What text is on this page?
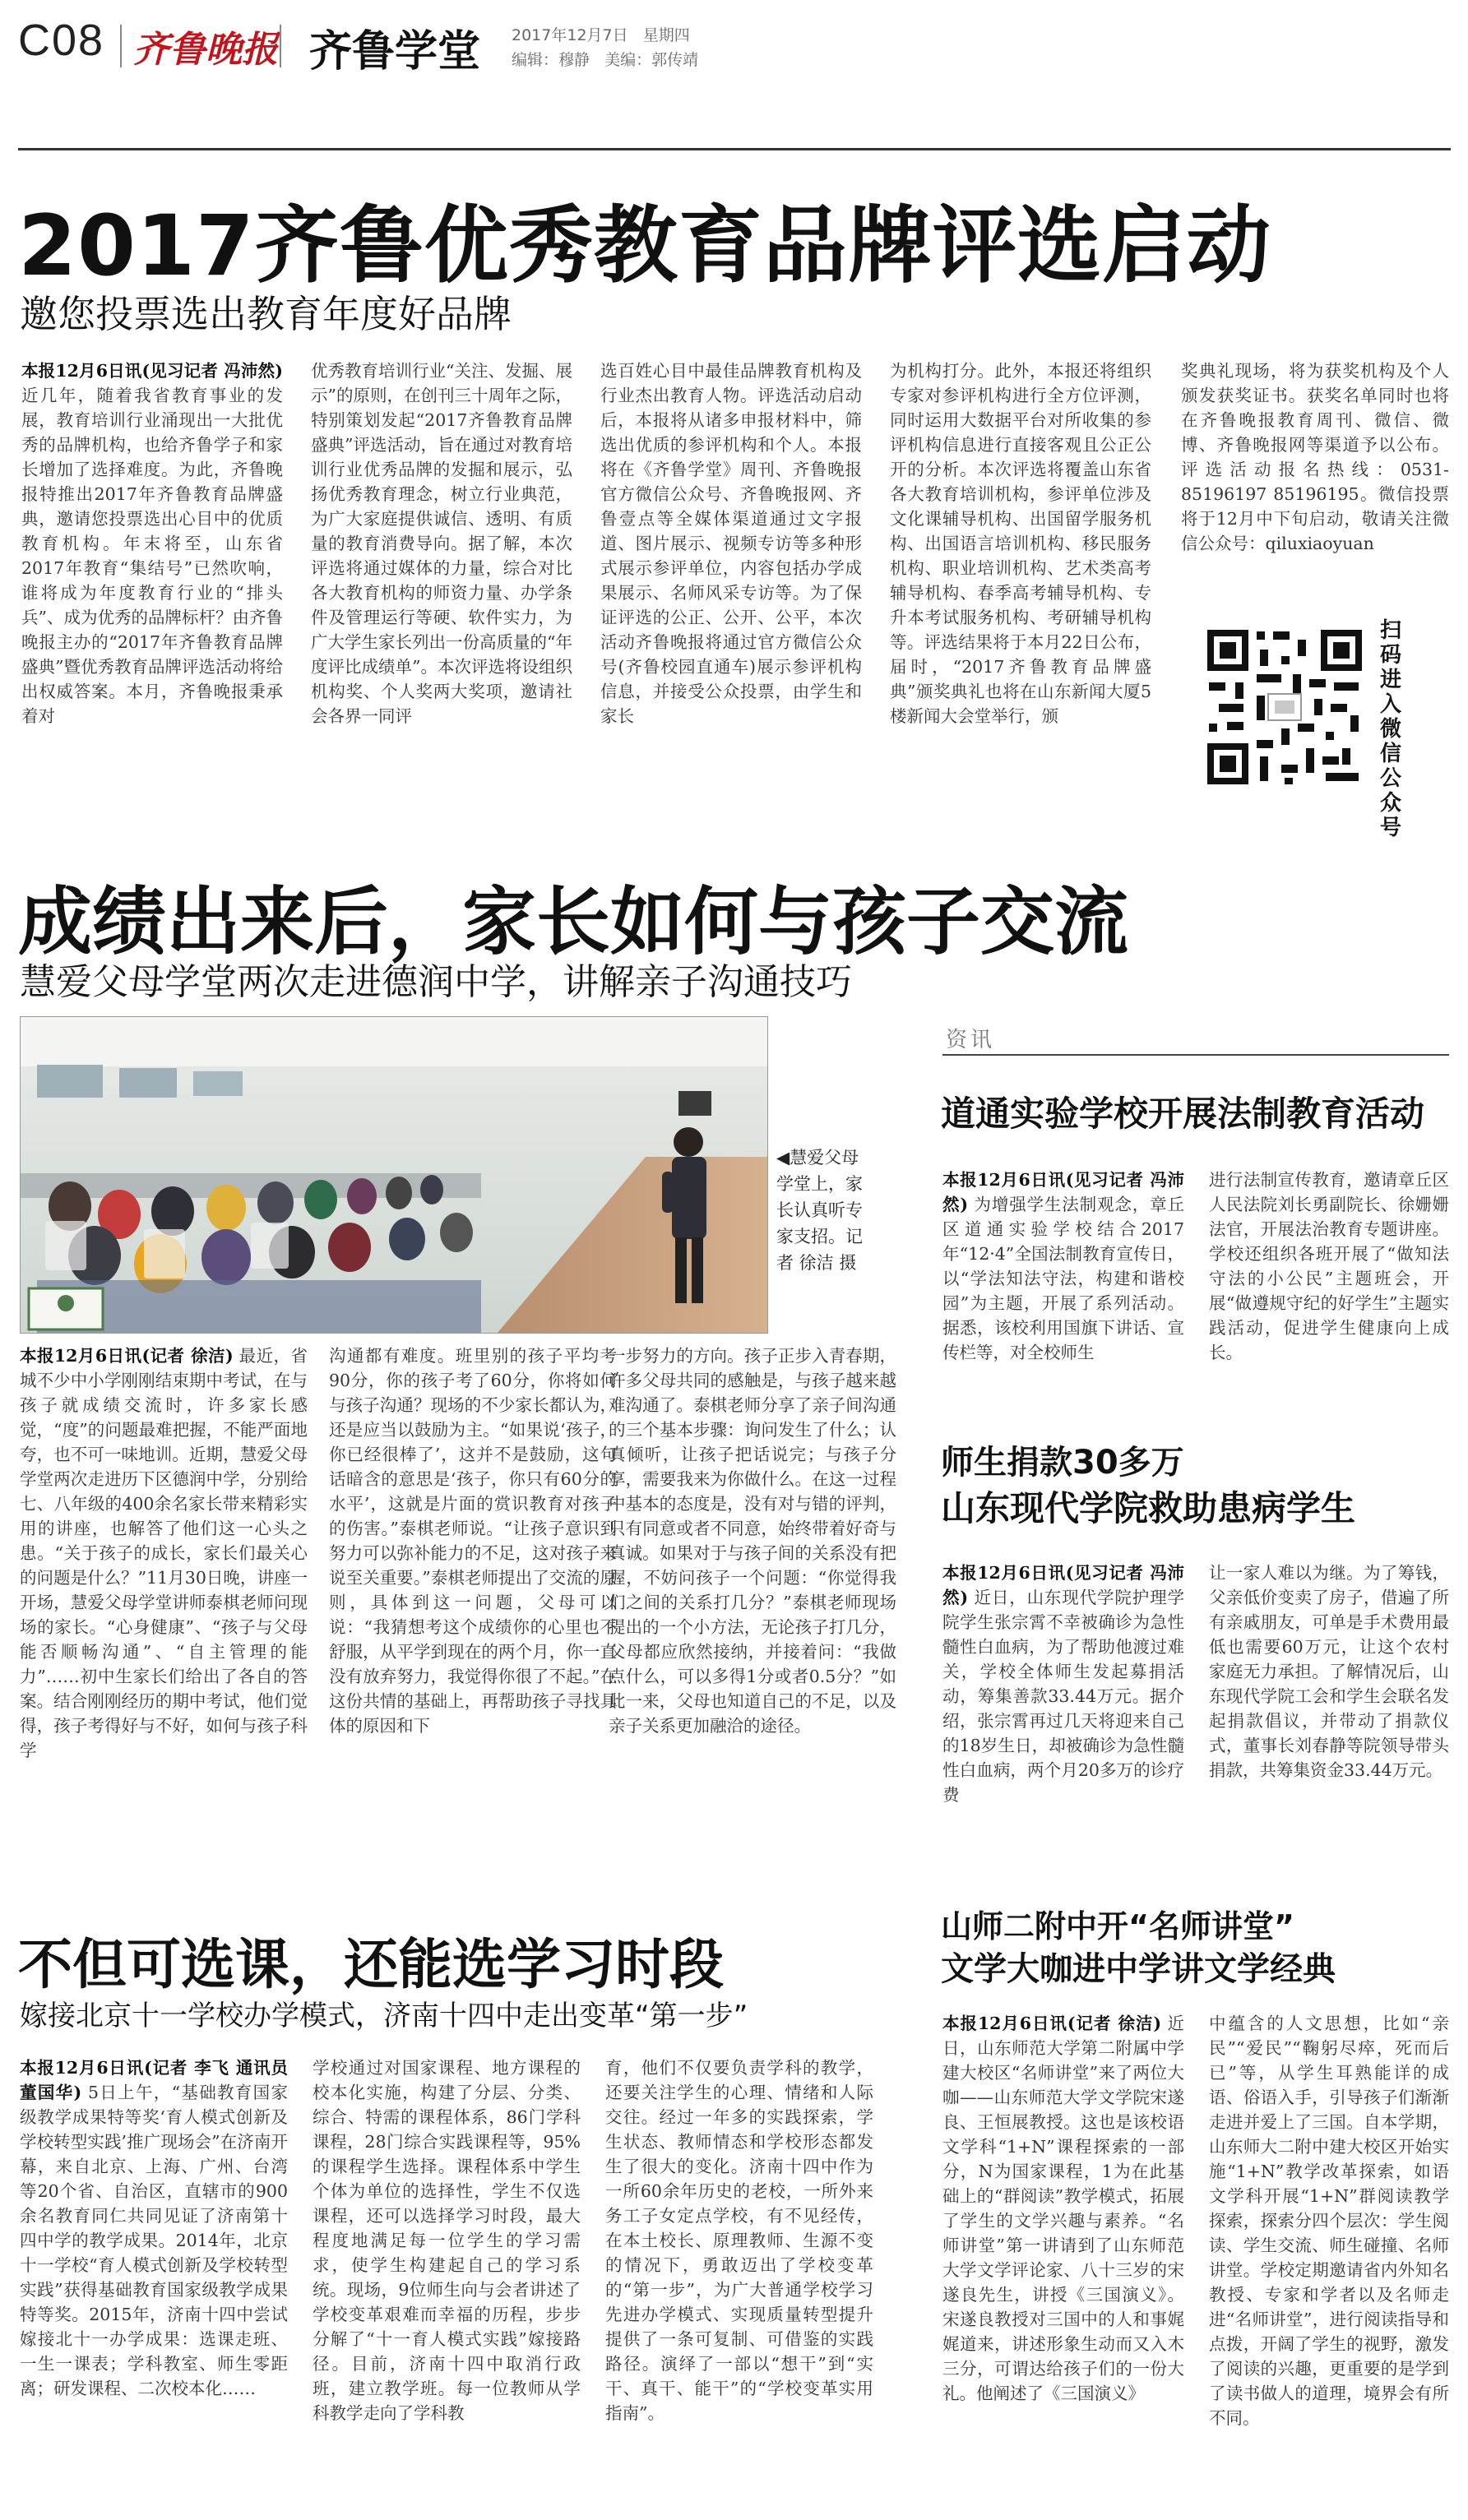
C08 齐鲁晚报 齐鲁学堂 2017年12月7日 星期四
编辑：穆静 美编：郭传靖
2017齐鲁优秀教育品牌评选启动
邀您投票选出教育年度好品牌

本报12月6日讯(见习记者 冯沛然) 近几年，随着我省教育事业的发展，教育培训行业涌现出一大批优秀的品牌机构，也给齐鲁学子和家长增加了选择难度。为此，齐鲁晚报特推出2017年齐鲁教育品牌盛典，邀请您投票选出心目中的优质教育机构。年末将至，山东省2017年教育“集结号”已然吹响，谁将成为年度教育行业的“排头兵”、成为优秀的品牌标杆？由齐鲁晚报主办的“2017年齐鲁教育品牌盛典”暨优秀教育品牌评选活动将给出权威答案。本月，齐鲁晚报秉承着对

优秀教育培训行业“关注、发掘、展示”的原则，在创刊三十周年之际，特别策划发起“2017齐鲁教育品牌盛典”评选活动，旨在通过对教育培训行业优秀品牌的发掘和展示，弘扬优秀教育理念，树立行业典范，为广大家庭提供诚信、透明、有质量的教育消费导向。据了解，本次评选将通过媒体的力量，综合对比各大教育机构的师资力量、办学条件及管理运行等硬、软件实力，为广大学生家长列出一份高质量的“年度评比成绩单”。本次评选将设组织机构奖、个人奖两大奖项，邀请社会各界一同评

选百姓心目中最佳品牌教育机构及行业杰出教育人物。评选活动启动后，本报将从诸多申报材料中，筛选出优质的参评机构和个人。本报将在《齐鲁学堂》周刊、齐鲁晚报官方微信公众号、齐鲁晚报网、齐鲁壹点等全媒体渠道通过文字报道、图片展示、视频专访等多种形式展示参评单位，内容包括办学成果展示、名师风采专访等。为了保证评选的公正、公开、公平，本次活动齐鲁晚报将通过官方微信公众号(齐鲁校园直通车)展示参评机构信息，并接受公众投票，由学生和家长

为机构打分。此外，本报还将组织专家对参评机构进行全方位评测，同时运用大数据平台对所收集的参评机构信息进行直接客观且公正公开的分析。本次评选将覆盖山东省各大教育培训机构，参评单位涉及文化课辅导机构、出国留学服务机构、出国语言培训机构、移民服务机构、职业培训机构、艺术类高考辅导机构、春季高考辅导机构、专升本考试服务机构、考研辅导机构等。评选结果将于本月22日公布，届时，“2017齐鲁教育品牌盛典”颁奖典礼也将在山东新闻大厦5楼新闻大会堂举行，颁

奖典礼现场，将为获奖机构及个人颁发获奖证书。获奖名单同时也将在齐鲁晚报教育周刊、微信、微博、齐鲁晚报网等渠道予以公布。评选活动报名热线：0531-85196197 85196195。微信投票将于12月中下旬启动，敬请关注微信公众号：qiluxiaoyuan

扫码进入微信公众号
成绩出来后，家长如何与孩子交流
慧爱父母学堂两次走进德润中学，讲解亲子沟通技巧
◀慧爱父母学堂上，家长认真听专家支招。记者 徐洁 摄

本报12月6日讯(记者 徐洁) 最近，省城不少中小学刚刚结束期中考试，在与孩子就成绩交流时，许多家长感觉，“度”的问题最难把握，不能严面地夸，也不可一味地训。近期，慧爱父母学堂两次走进历下区德润中学，分别给七、八年级的400余名家长带来精彩实用的讲座，也解答了他们这一心头之患。“关于孩子的成长，家长们最关心的问题是什么？”11月30日晚，讲座一开场，慧爱父母学堂讲师泰棋老师问现场的家长。“心身健康”、“孩子与父母能否顺畅沟通”、“自主管理的能力”……初中生家长们给出了各自的答案。结合刚刚经历的期中考试，他们觉得，孩子考得好与不好，如何与孩子科学

沟通都有难度。班里别的孩子平均考90分，你的孩子考了60分，你将如何与孩子沟通？现场的不少家长都认为，还是应当以鼓励为主。“如果说‘孩子，你已经很棒了’，这并不是鼓励，这句话暗含的意思是‘孩子，你只有60分的水平’，这就是片面的赏识教育对孩子的伤害。”泰棋老师说。“让孩子意识到努力可以弥补能力的不足，这对孩子来说至关重要。”泰棋老师提出了交流的原则，具体到这一问题，父母可以说：“我猜想考这个成绩你的心里也不舒服，从平学到现在的两个月，你一直没有放弃努力，我觉得你很了不起。”在这份共情的基础上，再帮助孩子寻找具体的原因和下

一步努力的方向。孩子正步入青春期，许多父母共同的感触是，与孩子越来越难沟通了。泰棋老师分享了亲子间沟通的三个基本步骤：询问发生了什么；认真倾听，让孩子把话说完；与孩子分享，需要我来为你做什么。在这一过程中基本的态度是，没有对与错的评判，只有同意或者不同意，始终带着好奇与真诚。如果对于与孩子间的关系没有把握，不妨问孩子一个问题：“你觉得我们之间的关系打几分？”泰棋老师现场提出的一个小方法，无论孩子打几分，父母都应欣然接纳，并接着问：“我做点什么，可以多得1分或者0.5分？”如此一来，父母也知道自己的不足，以及亲子关系更加融洽的途径。

资讯
道通实验学校开展法制教育活动

本报12月6日讯(见习记者 冯沛然) 为增强学生法制观念，章丘区道通实验学校结合2017年“12·4”全国法制教育宣传日，以“学法知法守法，构建和谐校园”为主题，开展了系列活动。据悉，该校利用国旗下讲话、宣传栏等，对全校师生

进行法制宣传教育，邀请章丘区人民法院刘长勇副院长、徐姗姗法官，开展法治教育专题讲座。学校还组织各班开展了“做知法守法的小公民”主题班会，开展“做遵规守纪的好学生”主题实践活动，促进学生健康向上成长。

师生捐款30多万
山东现代学院救助患病学生

本报12月6日讯(见习记者 冯沛然) 近日，山东现代学院护理学院学生张宗霄不幸被确诊为急性髓性白血病，为了帮助他渡过难关，学校全体师生发起募捐活动，筹集善款33.44万元。据介绍，张宗霄再过几天将迎来自己的18岁生日，却被确诊为急性髓性白血病，两个月20多万的诊疗费

让一家人难以为继。为了筹钱，父亲低价变卖了房子，借遍了所有亲戚朋友，可单是手术费用最低也需要60万元，让这个农村家庭无力承担。了解情况后，山东现代学院工会和学生会联名发起捐款倡议，并带动了捐款仪式，董事长刘春静等院领导带头捐款，共筹集资金33.44万元。

山师二附中开“名师讲堂”
文学大咖进中学讲文学经典

本报12月6日讯(记者 徐洁) 近日，山东师范大学第二附属中学建大校区“名师讲堂”来了两位大咖——山东师范大学文学院宋遂良、王恒展教授。这也是该校语文学科“1+N”课程探索的一部分，N为国家课程，1为在此基础上的“群阅读”教学模式，拓展了学生的文学兴趣与素养。“名师讲堂”第一讲请到了山东师范大学文学评论家、八十三岁的宋遂良先生，讲授《三国演义》。宋遂良教授对三国中的人和事娓娓道来，讲述形象生动而又入木三分，可谓达给孩子们的一份大礼。他阐述了《三国演义》

中蕴含的人文思想，比如“亲民”“爱民”“鞠躬尽瘁，死而后已”等，从学生耳熟能详的成语、俗语入手，引导孩子们渐渐走进并爱上了三国。自本学期，山东师大二附中建大校区开始实施“1+N”教学改革探索，如语文学科开展“1+N”群阅读教学探索，探索分四个层次：学生阅读、学生交流、师生碰撞、名师讲堂。学校定期邀请省内外知名教授、专家和学者以及名师走进“名师讲堂”，进行阅读指导和点拨，开阔了学生的视野，激发了阅读的兴趣，更重要的是学到了读书做人的道理，境界会有所不同。

不但可选课，还能选学习时段
嫁接北京十一学校办学模式，济南十四中走出变革“第一步”

本报12月6日讯(记者 李飞 通讯员 董国华) 5日上午，“基础教育国家级教学成果特等奖‘育人模式创新及学校转型实践’推广现场会”在济南开幕，来自北京、上海、广州、台湾等20个省、自治区，直辖市的900余名教育同仁共同见证了济南第十四中学的教学成果。2014年，北京十一学校“育人模式创新及学校转型实践”获得基础教育国家级教学成果特等奖。2015年，济南十四中尝试嫁接北十一办学成果：选课走班、一生一课表；学科教室、师生零距离；研发课程、二次校本化……

学校通过对国家课程、地方课程的校本化实施，构建了分层、分类、综合、特需的课程体系，86门学科课程，28门综合实践课程等，95%的课程学生选择。课程体系中学生个体为单位的选择性，学生不仅选课程，还可以选择学习时段，最大程度地满足每一位学生的学习需求，使学生构建起自己的学习系统。现场，9位师生向与会者讲述了学校变革艰难而幸福的历程，步步分解了“十一育人模式实践”嫁接路径。目前，济南十四中取消行政班，建立教学班。每一位教师从学科教学走向了学科教

育，他们不仅要负责学科的教学，还要关注学生的心理、情绪和人际交往。经过一年多的实践探索，学生状态、教师情态和学校形态都发生了很大的变化。济南十四中作为一所60余年历史的老校，一所外来务工子女定点学校，有不见经传，在本土校长、原理教师、生源不变的情况下，勇敢迈出了学校变革的“第一步”，为广大普通学校学习先进办学模式、实现质量转型提升提供了一条可复制、可借鉴的实践路径。演绎了一部以“想干”到“实干、真干、能干”的“学校变革实用指南”。
